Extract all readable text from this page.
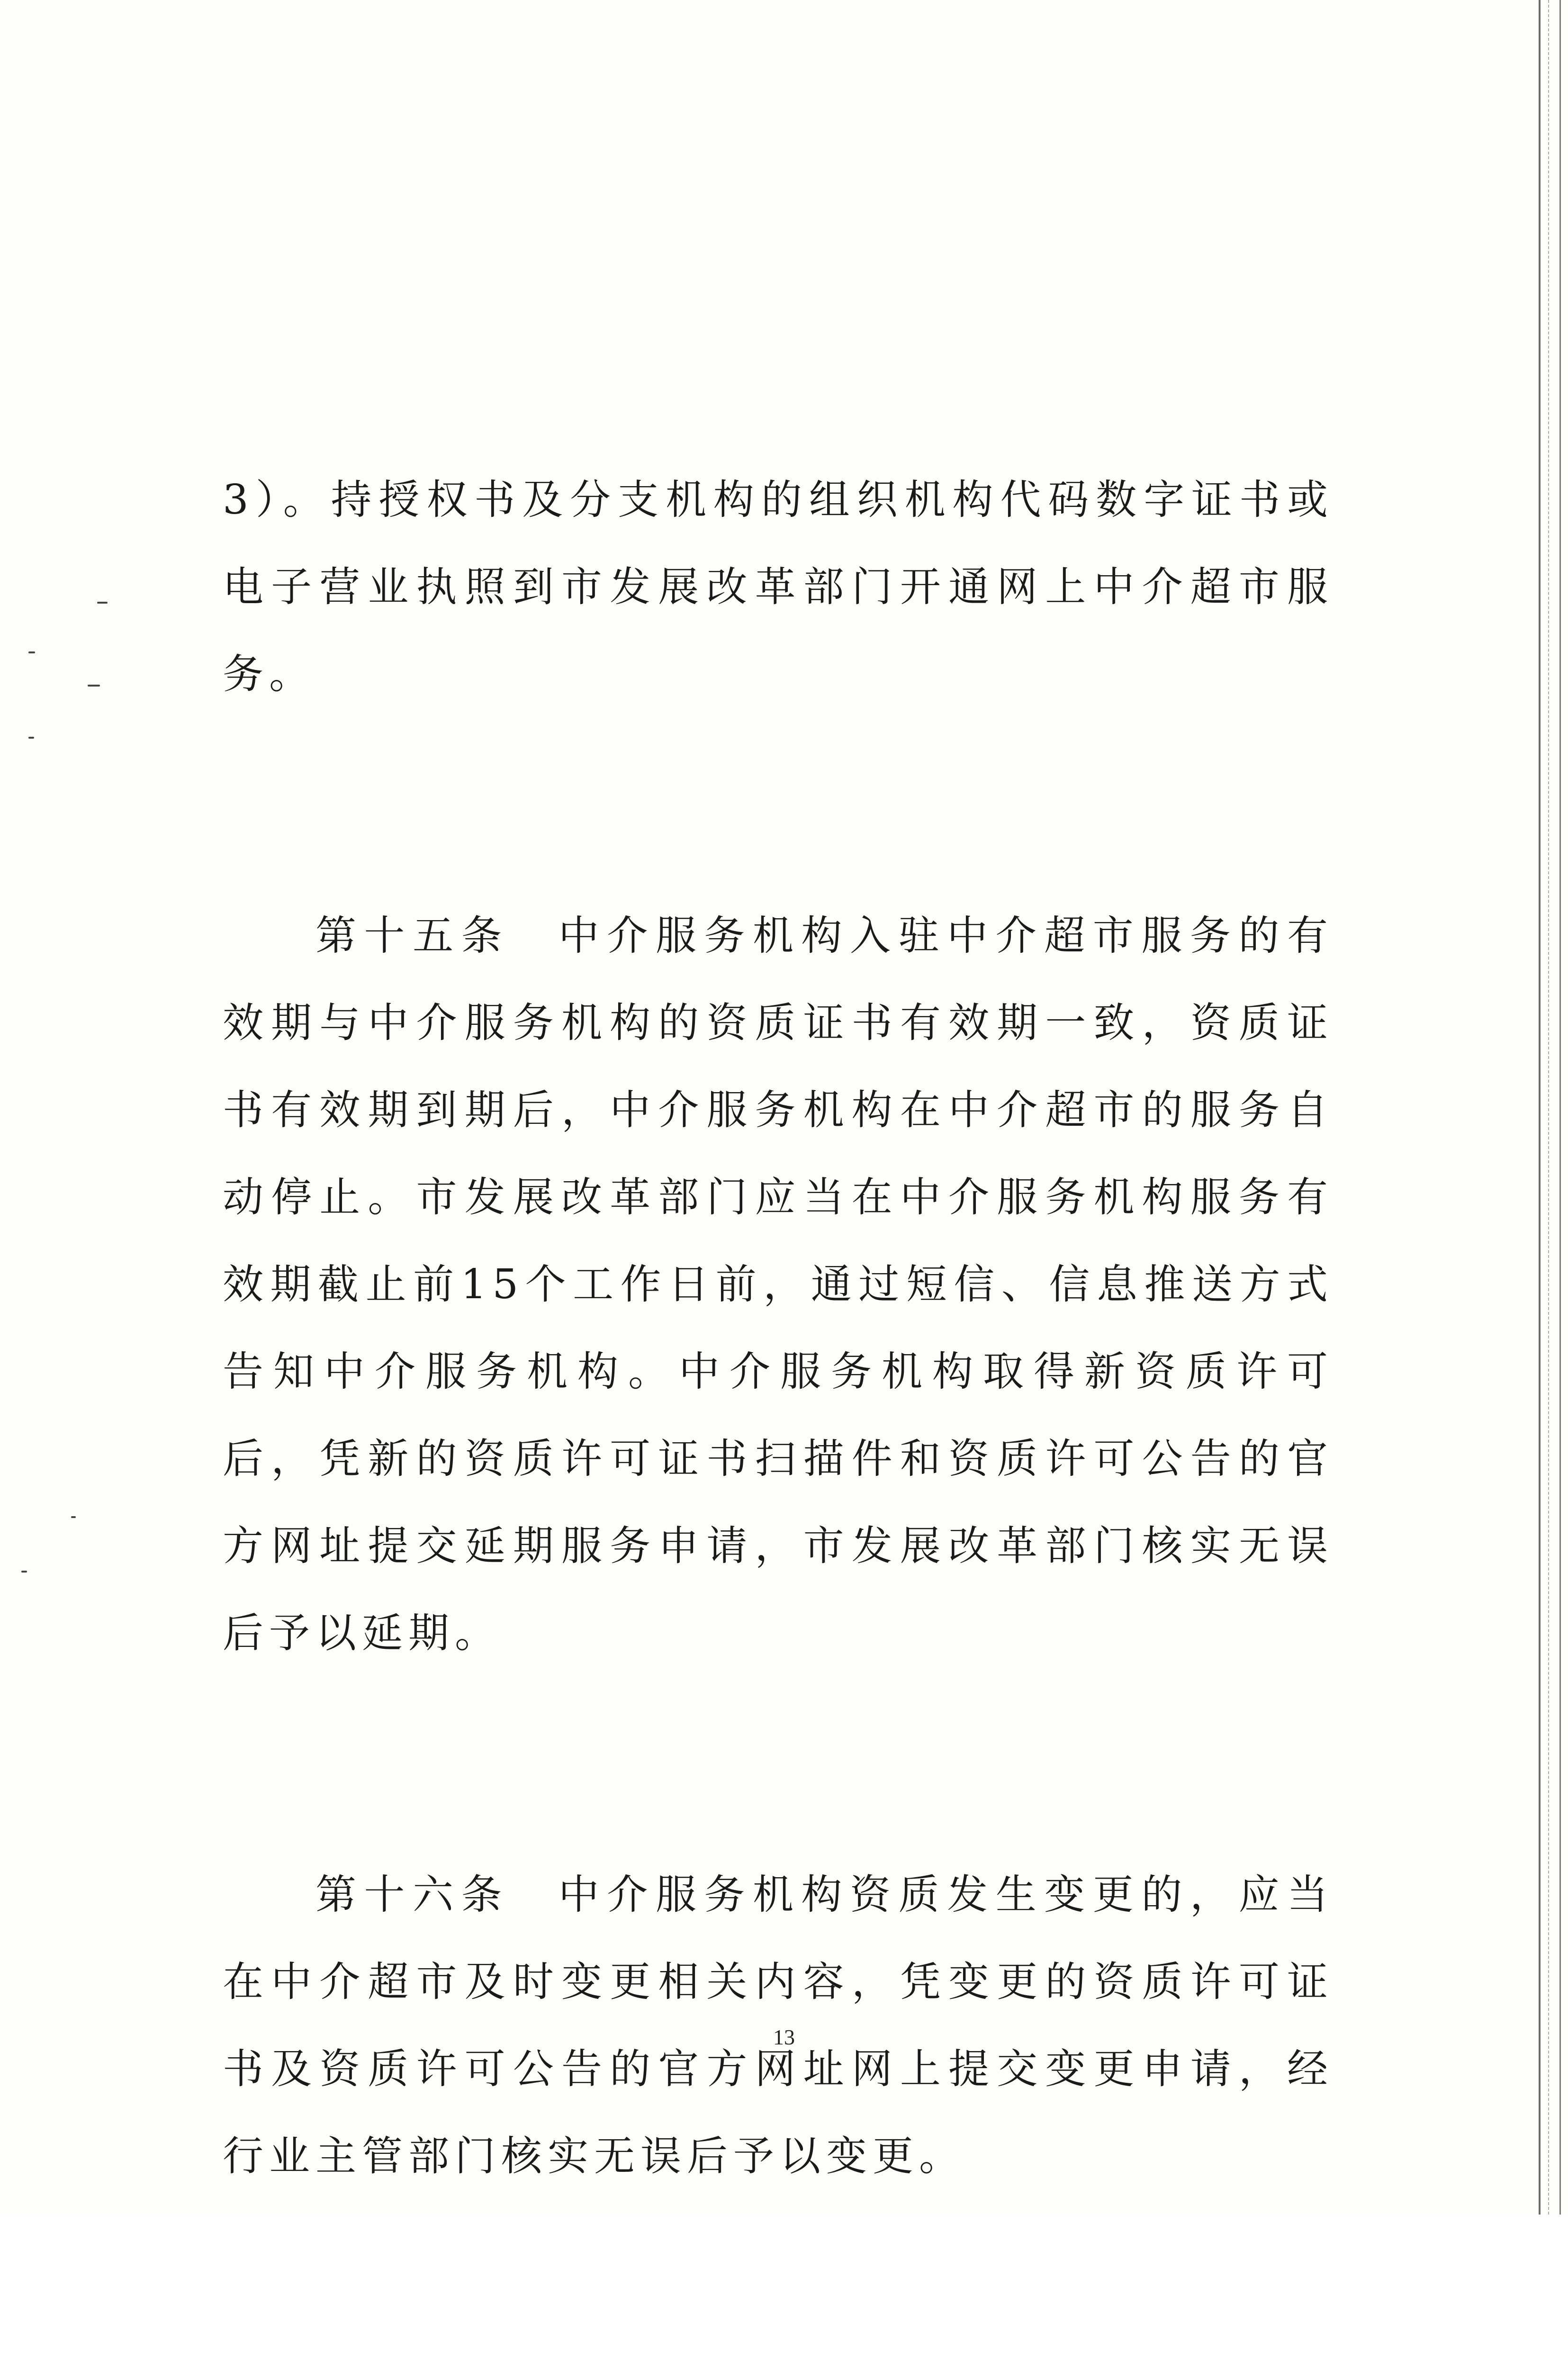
3）。持授权书及分支机构的组织机构代码数字证书或电子营业执照到市发展改革部门开通网上中介超市服务。

第十五条　中介服务机构入驻中介超市服务的有效期与中介服务机构的资质证书有效期一致，资质证书有效期到期后，中介服务机构在中介超市的服务自动停止。市发展改革部门应当在中介服务机构服务有效期截止前15个工作日前，通过短信、信息推送方式告知中介服务机构。中介服务机构取得新资质许可后，凭新的资质许可证书扫描件和资质许可公告的官方网址提交延期服务申请，市发展改革部门核实无误后予以延期。

第十六条　中介服务机构资质发生变更的，应当在中介超市及时变更相关内容，凭变更的资质许可证书及资质许可公告的官方网址网上提交变更申请，经行业主管部门核实无误后予以变更。

13
